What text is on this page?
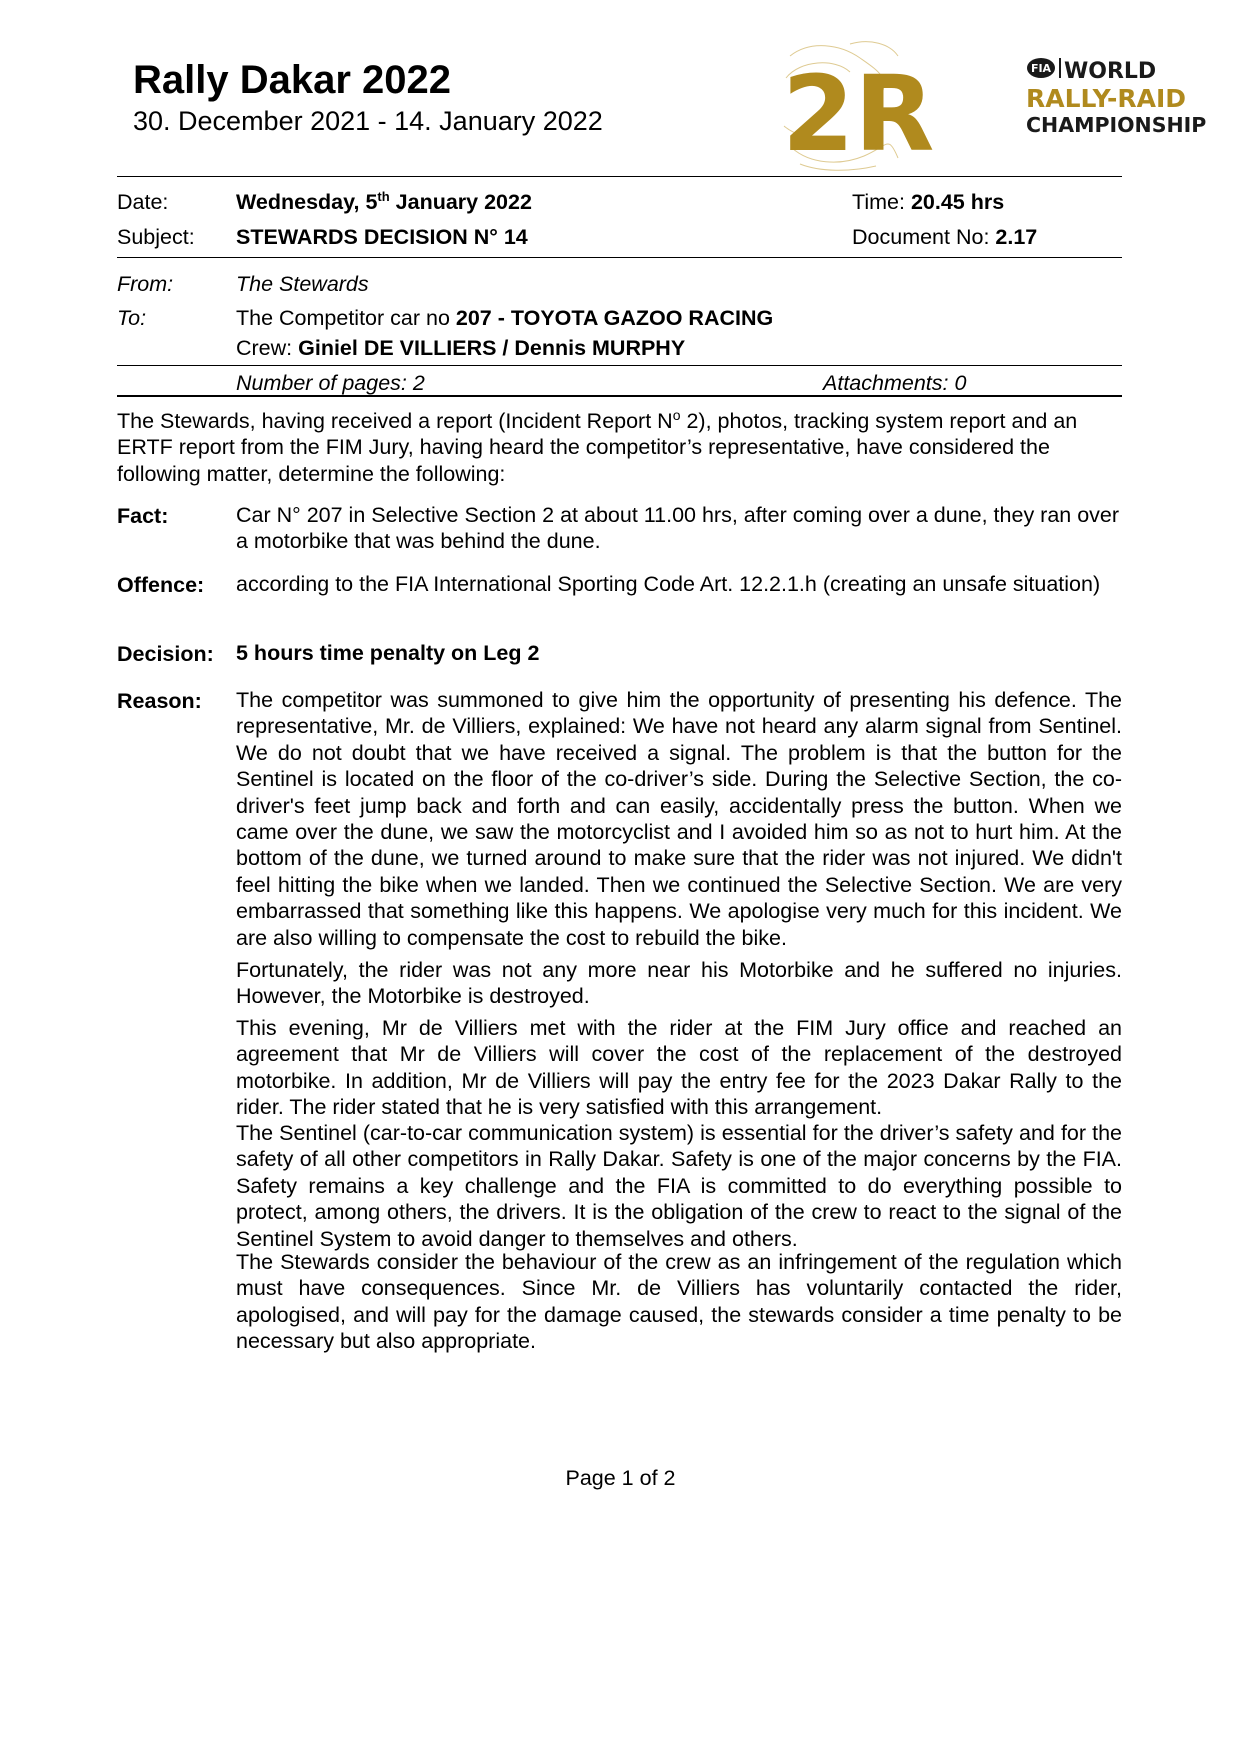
Rally Dakar 2022
30. December 2021 - 14. January 2022 2R	FIA WORLD
RALLY-RAID
CHAMPIONSHIP
Date:	Wednesday, 5th January 2022	Time: 20.45 hrs
Subject: STEWARDS DECISION N° 14	Document No: 2.17
From:	The Stewards
To:	The Competitor car no 207 - TOYOTA GAZOO RACING
Crew: Giniel DE VILLIERS / Dennis MURPHY
Number of pages: 2	Attachments: 0
The Stewards, having received a report (Incident Report $N^o$ 2), photos, tracking system report and an ERTF report from the FIM Jury, having heard the competitor’s representative, have considered the following matter, determine the following:
Fact:	Car N° 207 in Selective Section 2 at about 11.00 hrs, after coming over a dune, they ran over a motorbike that was behind the dune.
Offence: according to the FIA International Sporting Code Art. 12.2.1.h (creating an unsafe situation)
Decision: 5 hours time penalty on Leg 2
Reason: The competitor was summoned to give him the opportunity of presenting his defence. The representative, Mr. de Villiers, explained: We have not heard any alarm signal from Sentinel. We do not doubt that we have received a signal. The problem is that the button for the Sentinel is located on the floor of the co-driver’s side. During the Selective Section, the co-driver's feet jump back and forth and can easily, accidentally press the button. When we came over the dune, we saw the motorcyclist and I avoided him so as not to hurt him. At the bottom of the dune, we turned around to make sure that the rider was not injured. We didn't feel hitting the bike when we landed. Then we continued the Selective Section. We are very embarrassed that something like this happens. We apologise very much for this incident. We are also willing to compensate the cost to rebuild the bike.
Fortunately, the rider was not any more near his Motorbike and he suffered no injuries. However, the Motorbike is destroyed.
This evening, Mr de Villiers met with the rider at the FIM Jury office and reached an agreement that Mr de Villiers will cover the cost of the replacement of the destroyed motorbike. In addition, Mr de Villiers will pay the entry fee for the 2023 Dakar Rally to the rider. The rider stated that he is very satisfied with this arrangement.
The Sentinel (car-to-car communication system) is essential for the driver’s safety and for the safety of all other competitors in Rally Dakar. Safety is one of the major concerns by the FIA. Safety remains a key challenge and the FIA is committed to do everything possible to protect, among others, the drivers. It is the obligation of the crew to react to the signal of the Sentinel System to avoid danger to themselves and others.
The Stewards consider the behaviour of the crew as an infringement of the regulation which must have consequences. Since Mr. de Villiers has voluntarily contacted the rider, apologised, and will pay for the damage caused, the stewards consider a time penalty to be necessary but also appropriate.
Page 1 of 2
